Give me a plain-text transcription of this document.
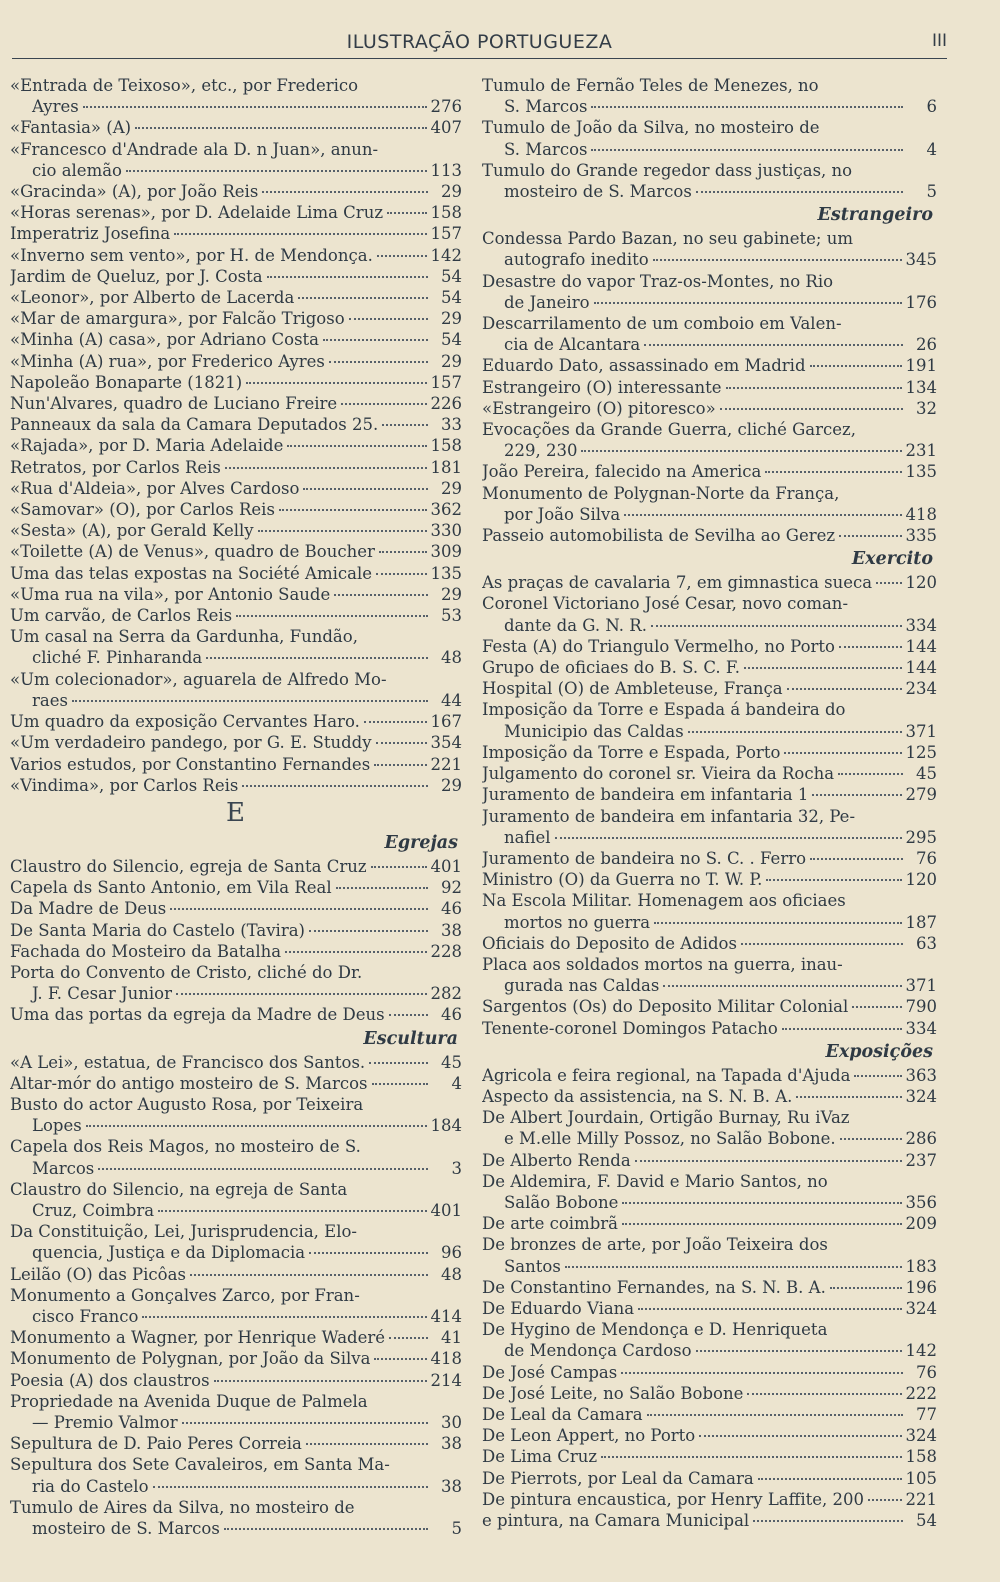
ILUSTRAÇÃO PORTUGUEZA	III
«Entrada de Teixoso», etc., por Frederico
Ayres	276
«Fantasia» (A)	407
«Francesco d'Andrade ala D. n Juan», anun-
cio alemão	113
«Gracinda» (A), por João Reis	29
«Horas serenas», por D. Adelaide Lima Cruz	158
Imperatriz Josefina	157
«Inverno sem vento», por H. de Mendonça.	142
Jardim de Queluz, por J. Costa	54
«Leonor», por Alberto de Lacerda	54
«Mar de amargura», por Falcão Trigoso	29
«Minha (A) casa», por Adriano Costa	54
«Minha (A) rua», por Frederico Ayres	29
Napoleão Bonaparte (1821)	157
Nun'Alvares, quadro de Luciano Freire	226
Panneaux da sala da Camara Deputados 25.	33
«Rajada», por D. Maria Adelaide	158
Retratos, por Carlos Reis	181
«Rua d'Aldeia», por Alves Cardoso	29
«Samovar» (O), por Carlos Reis	362
«Sesta» (A), por Gerald Kelly	330
«Toilette (A) de Venus», quadro de Boucher	309
Uma das telas expostas na Société Amicale	135
«Uma rua na vila», por Antonio Saude	29
Um carvão, de Carlos Reis	53
Um casal na Serra da Gardunha, Fundão,
cliché F. Pinharanda	48
«Um colecionador», aguarela de Alfredo Mo-
raes	44
Um quadro da exposição Cervantes Haro.	167
«Um verdadeiro pandego, por G. E. Studdy	354
Varios estudos, por Constantino Fernandes	221
«Vindima», por Carlos Reis	29
E
Egrejas
Claustro do Silencio, egreja de Santa Cruz	401
Capela ds Santo Antonio, em Vila Real	92
Da Madre de Deus	46
De Santa Maria do Castelo (Tavira)	38
Fachada do Mosteiro da Batalha	228
Porta do Convento de Cristo, cliché do Dr.
J. F. Cesar Junior	282
Uma das portas da egreja da Madre de Deus	46
Escultura
«A Lei», estatua, de Francisco dos Santos.	45
Altar-mór do antigo mosteiro de S. Marcos	4
Busto do actor Augusto Rosa, por Teixeira
Lopes	184
Capela dos Reis Magos, no mosteiro de S.
Marcos	3
Claustro do Silencio, na egreja de Santa
Cruz, Coimbra	401
Da Constituição, Lei, Jurisprudencia, Elo-
quencia, Justiça e da Diplomacia	96
Leilão (O) das Picôas	48
Monumento a Gonçalves Zarco, por Fran-
cisco Franco	414
Monumento a Wagner, por Henrique Waderé	41
Monumento de Polygnan, por João da Silva	418
Poesia (A) dos claustros	214
Propriedade na Avenida Duque de Palmela
— Premio Valmor	30
Sepultura de D. Paio Peres Correia	38
Sepultura dos Sete Cavaleiros, em Santa Ma-
ria do Castelo	38
Tumulo de Aires da Silva, no mosteiro de
mosteiro de S. Marcos	5
Tumulo de Fernão Teles de Menezes, no
S. Marcos	6
Tumulo de João da Silva, no mosteiro de
S. Marcos	4
Tumulo do Grande regedor dass justiças, no
mosteiro de S. Marcos	5
Estrangeiro
Condessa Pardo Bazan, no seu gabinete; um
autografo inedito	345
Desastre do vapor Traz-os-Montes, no Rio
de Janeiro	176
Descarrilamento de um comboio em Valen-
cia de Alcantara	26
Eduardo Dato, assassinado em Madrid	191
Estrangeiro (O) interessante	134
«Estrangeiro (O) pitoresco»	32
Evocações da Grande Guerra, cliché Garcez,
229, 230	231
João Pereira, falecido na America	135
Monumento de Polygnan-Norte da França,
por João Silva	418
Passeio automobilista de Sevilha ao Gerez	335
Exercito
As praças de cavalaria 7, em gimnastica sueca 120
Coronel Victoriano José Cesar, novo coman-
dante da G. N. R.	334
Festa (A) do Triangulo Vermelho, no Porto	144
Grupo de oficiaes do B. S. C. F.	144
Hospital (O) de Ambleteuse, França	234
Imposição da Torre e Espada á bandeira do
Municipio das Caldas	371
Imposição da Torre e Espada, Porto	125
Julgamento do coronel sr. Vieira da Rocha	45
Juramento de bandeira em infantaria 1	279
Juramento de bandeira em infantaria 32, Pe-
nafiel	295
Juramento de bandeira no S. C. . Ferro	76
Ministro (O) da Guerra no T. W. P.	120
Na Escola Militar. Homenagem aos oficiaes
mortos no guerra	187
Oficiais do Deposito de Adidos	63
Placa aos soldados mortos na guerra, inau-
gurada nas Caldas	371
Sargentos (Os) do Deposito Militar Colonial	790
Tenente-coronel Domingos Patacho	334
Exposições
Agricola e feira regional, na Tapada d'Ajuda	363
Aspecto da assistencia, na S. N. B. A.	324
De Albert Jourdain, Ortigão Burnay, Ru iVaz
e M.elle Milly Possoz, no Salão Bobone.	286
De Alberto Renda	237
De Aldemira, F. David e Mario Santos, no
Salão Bobone	356
De arte coimbrã	209
De bronzes de arte, por João Teixeira dos
Santos	183
De Constantino Fernandes, na S. N. B. A.	196
De Eduardo Viana	324
De Hygino de Mendonça e D. Henriqueta
de Mendonça Cardoso	142
De José Campas	76
De José Leite, no Salão Bobone	222
De Leal da Camara	77
De Leon Appert, no Porto	324
De Lima Cruz	158
De Pierrots, por Leal da Camara	105
De pintura encaustica, por Henry Laffite, 200	221
e pintura, na Camara Municipal	54
